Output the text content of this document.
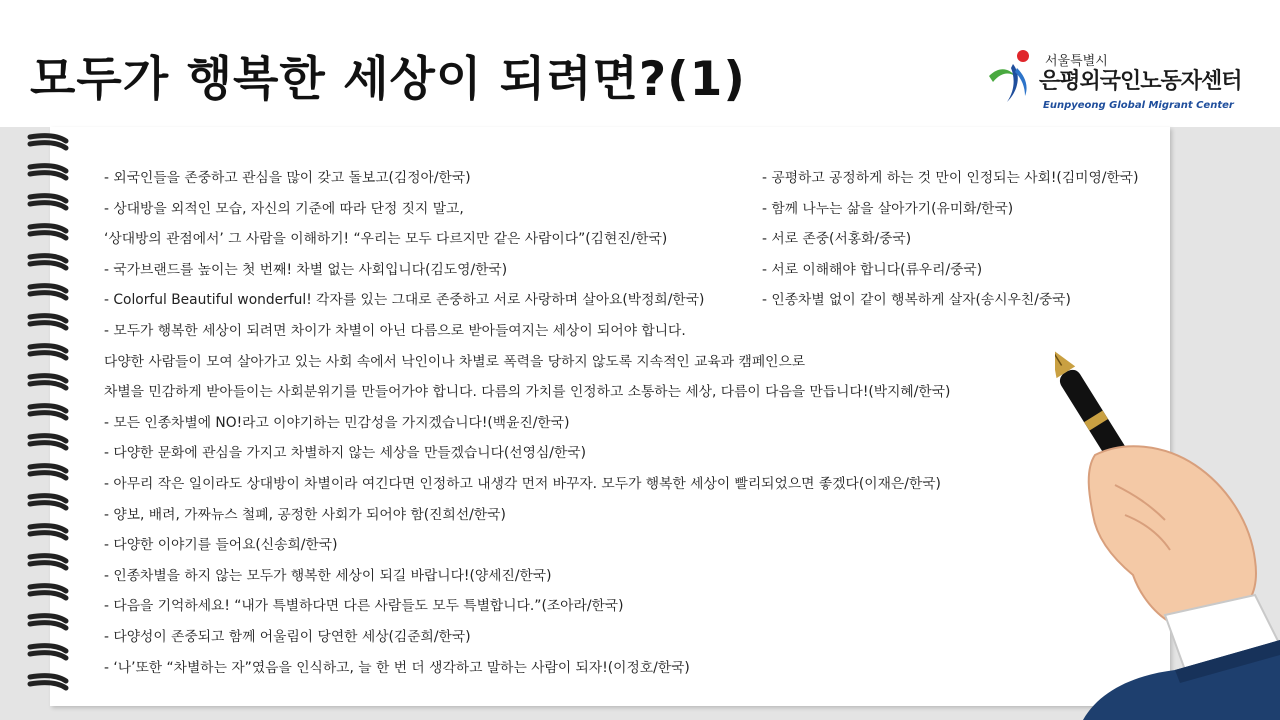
모두가 행복한 세상이 되려면?(1)	서울특별시
은평외국인노동자센터
Eunpyeong Global Migrant Center
- 외국인들을 존중하고 관심을 많이 갖고 돌보고(김정아/한국)
- 상대방을 외적인 모습, 자신의 기준에 따라 단정 짓지 말고,
‘상대방의 관점에서’ 그 사람을 이해하기! “우리는 모두 다르지만 같은 사람이다”(김현진/한국)
- 국가브랜드를 높이는 첫 번째! 차별 없는 사회입니다(김도영/한국)
- Colorful Beautiful wonderful! 각자를 있는 그대로 존중하고 서로 사랑하며 살아요(박정희/한국)
- 모두가 행복한 세상이 되려면 차이가 차별이 아닌 다름으로 받아들여지는 세상이 되어야 합니다.
다양한 사람들이 모여 살아가고 있는 사회 속에서 낙인이나 차별로 폭력을 당하지 않도록 지속적인 교육과 캠페인으로
차별을 민감하게 받아들이는 사회분위기를 만들어가야 합니다. 다름의 가치를 인정하고 소통하는 세상, 다름이 다음을 만듭니다!(박지혜/한국)
- 모든 인종차별에 NO!라고 이야기하는 민감성을 가지겠습니다!(백윤진/한국)
- 다양한 문화에 관심을 가지고 차별하지 않는 세상을 만들겠습니다(선영심/한국)
- 아무리 작은 일이라도 상대방이 차별이라 여긴다면 인정하고 내생각 먼저 바꾸자. 모두가 행복한 세상이 빨리되었으면 좋겠다(이재은/한국)
- 양보, 배려, 가짜뉴스 철폐, 공정한 사회가 되어야 함(진희선/한국)
- 다양한 이야기를 들어요(신송희/한국)
- 인종차별을 하지 않는 모두가 행복한 세상이 되길 바랍니다!(양세진/한국)
- 다음을 기억하세요! “내가 특별하다면 다른 사람들도 모두 특별합니다.”(조아라/한국)
- 다양성이 존중되고 함께 어울림이 당연한 세상(김준희/한국)
- ‘나’또한 “차별하는 자”였음을 인식하고, 늘 한 번 더 생각하고 말하는 사람이 되자!(이정호/한국)
- 공평하고 공정하게 하는 것 만이 인정되는 사회!(김미영/한국)
- 함께 나누는 삶을 살아가기(유미화/한국)
- 서로 존중(서홍화/중국)
- 서로 이해해야 합니다(류우리/중국)
- 인종차별 없이 같이 행복하게 살자(송시우친/중국)
